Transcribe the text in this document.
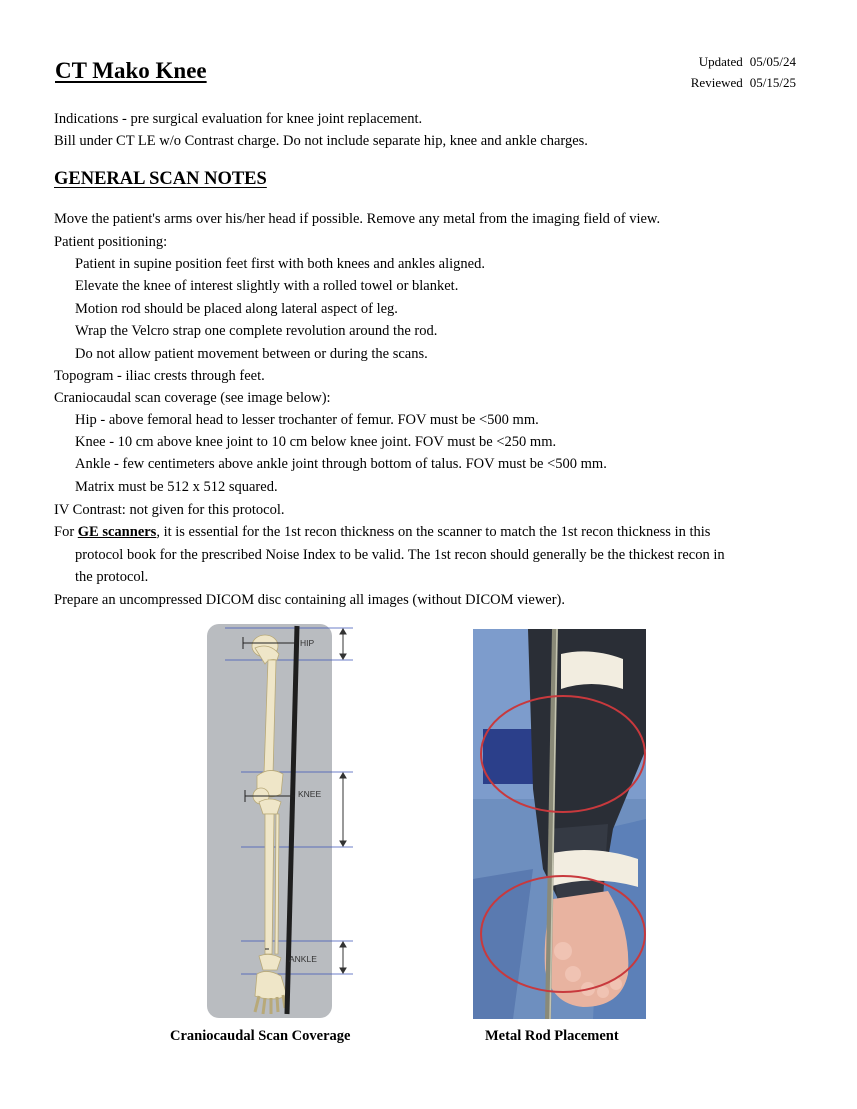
CT Mako Knee	Updated 05/05/24
Reviewed 05/15/25
Indications - pre surgical evaluation for knee joint replacement.
Bill under CT LE w/o Contrast charge. Do not include separate hip, knee and ankle charges.
GENERAL SCAN NOTES
Move the patient's arms over his/her head if possible. Remove any metal from the imaging field of view.
Patient positioning:
Patient in supine position feet first with both knees and ankles aligned.
Elevate the knee of interest slightly with a rolled towel or blanket.
Motion rod should be placed along lateral aspect of leg.
Wrap the Velcro strap one complete revolution around the rod.
Do not allow patient movement between or during the scans.
Topogram - iliac crests through feet.
Craniocaudal scan coverage (see image below):
Hip - above femoral head to lesser trochanter of femur. FOV must be <500 mm.
Knee - 10 cm above knee joint to 10 cm below knee joint. FOV must be <250 mm.
Ankle - few centimeters above ankle joint through bottom of talus. FOV must be <500 mm.
Matrix must be 512 x 512 squared.
IV Contrast: not given for this protocol.
For GE scanners, it is essential for the 1st recon thickness on the scanner to match the 1st recon thickness in this
protocol book for the prescribed Noise Index to be valid. The 1st recon should generally be the thickest recon in
the protocol.
Prepare an uncompressed DICOM disc containing all images (without DICOM viewer).
HIP
KNEE
ANKLE
Craniocaudal Scan Coverage	Metal Rod Placement
